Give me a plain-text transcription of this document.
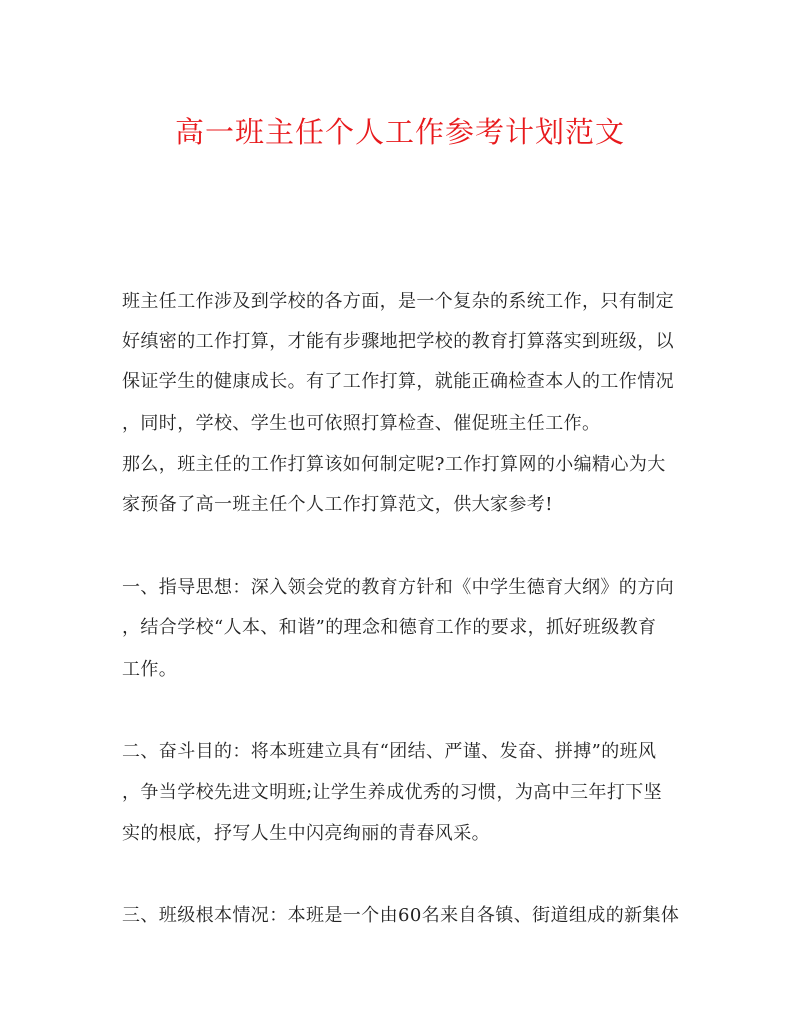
高一班主任个人工作参考计划范文
班主任工作涉及到学校的各方面，是一个复杂的系统工作，只有制定
好缜密的工作打算，才能有步骤地把学校的教育打算落实到班级，以
保证学生的健康成长。有了工作打算，就能正确检查本人的工作情况
，同时，学校、学生也可依照打算检查、催促班主任工作。
那么，班主任的工作打算该如何制定呢?工作打算网的小编精心为大
家预备了高一班主任个人工作打算范文，供大家参考!
一、指导思想：深入领会党的教育方针和《中学生德育大纲》的方向
，结合学校“人本、和谐”的理念和德育工作的要求，抓好班级教育
工作。
二、奋斗目的：将本班建立具有“团结、严谨、发奋、拼搏”的班风
，争当学校先进文明班;让学生养成优秀的习惯，为高中三年打下坚
实的根底，抒写人生中闪亮绚丽的青春风采。
三、班级根本情况：本班是一个由60名来自各镇、街道组成的新集体
